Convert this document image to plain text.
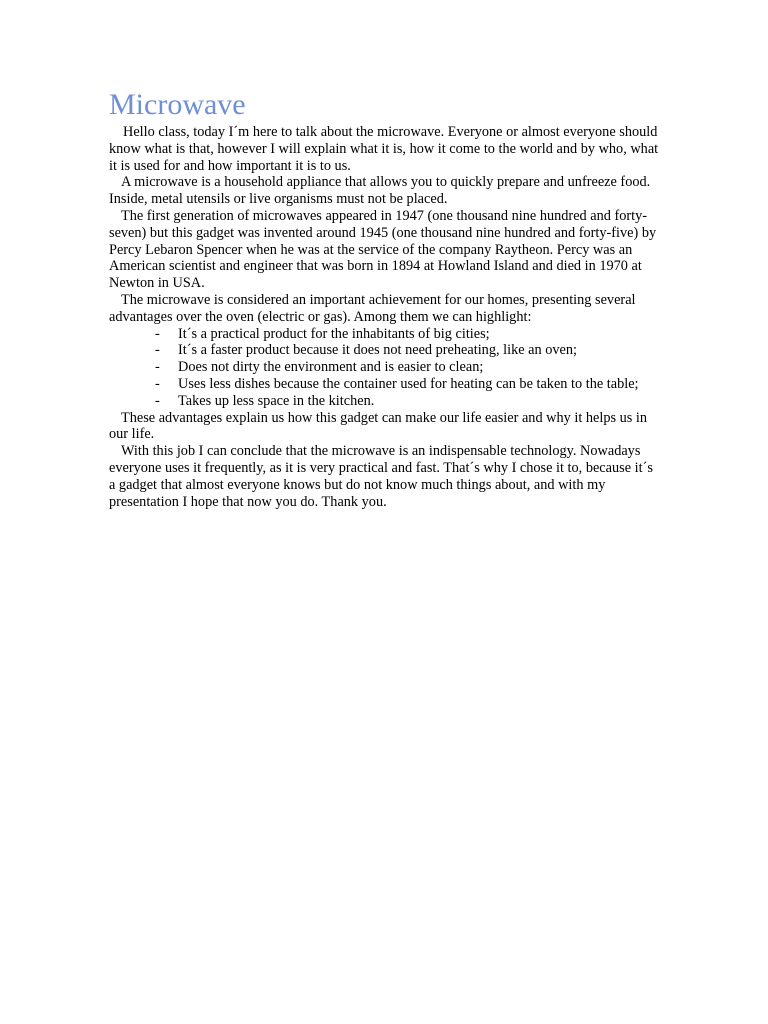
Microwave

Hello class, today I´m here to talk about the microwave. Everyone or almost everyone should know what is that, however I will explain what it is, how it come to the world and by who, what it is used for and how important it is to us.

A microwave is a household appliance that allows you to quickly prepare and unfreeze food. Inside, metal utensils or live organisms must not be placed.

The first generation of microwaves appeared in 1947 (one thousand nine hundred and forty-seven) but this gadget was invented around 1945 (one thousand nine hundred and forty-five) by Percy Lebaron Spencer when he was at the service of the company Raytheon. Percy was an American scientist and engineer that was born in 1894 at Howland Island and died in 1970 at Newton in USA.

The microwave is considered an important achievement for our homes, presenting several advantages over the oven (electric or gas). Among them we can highlight:

- It´s a practical product for the inhabitants of big cities;
- It´s a faster product because it does not need preheating, like an oven;
- Does not dirty the environment and is easier to clean;
- Uses less dishes because the container used for heating can be taken to the table;
- Takes up less space in the kitchen.

These advantages explain us how this gadget can make our life easier and why it helps us in our life.

With this job I can conclude that the microwave is an indispensable technology. Nowadays everyone uses it frequently, as it is very practical and fast. That´s why I chose it to, because it´s a gadget that almost everyone knows but do not know much things about, and with my presentation I hope that now you do. Thank you.
